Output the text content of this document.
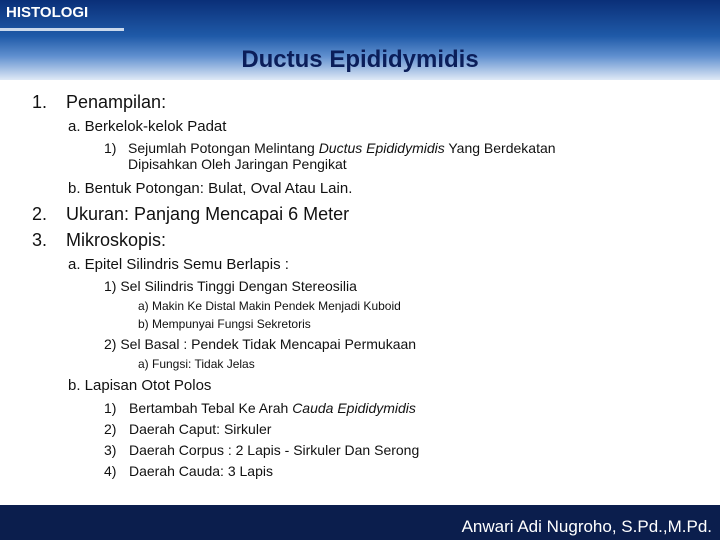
HISTOLOGI
Ductus Epididymidis
1. Penampilan:
a. Berkelok-kelok Padat
1) Sejumlah Potongan Melintang Ductus Epididymidis Yang Berdekatan
Dipisahkan Oleh Jaringan Pengikat
b. Bentuk Potongan: Bulat, Oval Atau Lain.
2. Ukuran: Panjang Mencapai 6 Meter
3. Mikroskopis:
a. Epitel Silindris Semu Berlapis :
1) Sel Silindris Tinggi Dengan Stereosilia
a) Makin Ke Distal Makin Pendek Menjadi Kuboid
b) Mempunyai Fungsi Sekretoris
2) Sel Basal : Pendek Tidak Mencapai Permukaan
a) Fungsi: Tidak Jelas
b. Lapisan Otot Polos
1) Bertambah Tebal Ke Arah Cauda Epididymidis
2) Daerah Caput: Sirkuler
3) Daerah Corpus : 2 Lapis - Sirkuler Dan Serong
4) Daerah Cauda: 3 Lapis
Anwari Adi Nugroho, S.Pd.,M.Pd.
